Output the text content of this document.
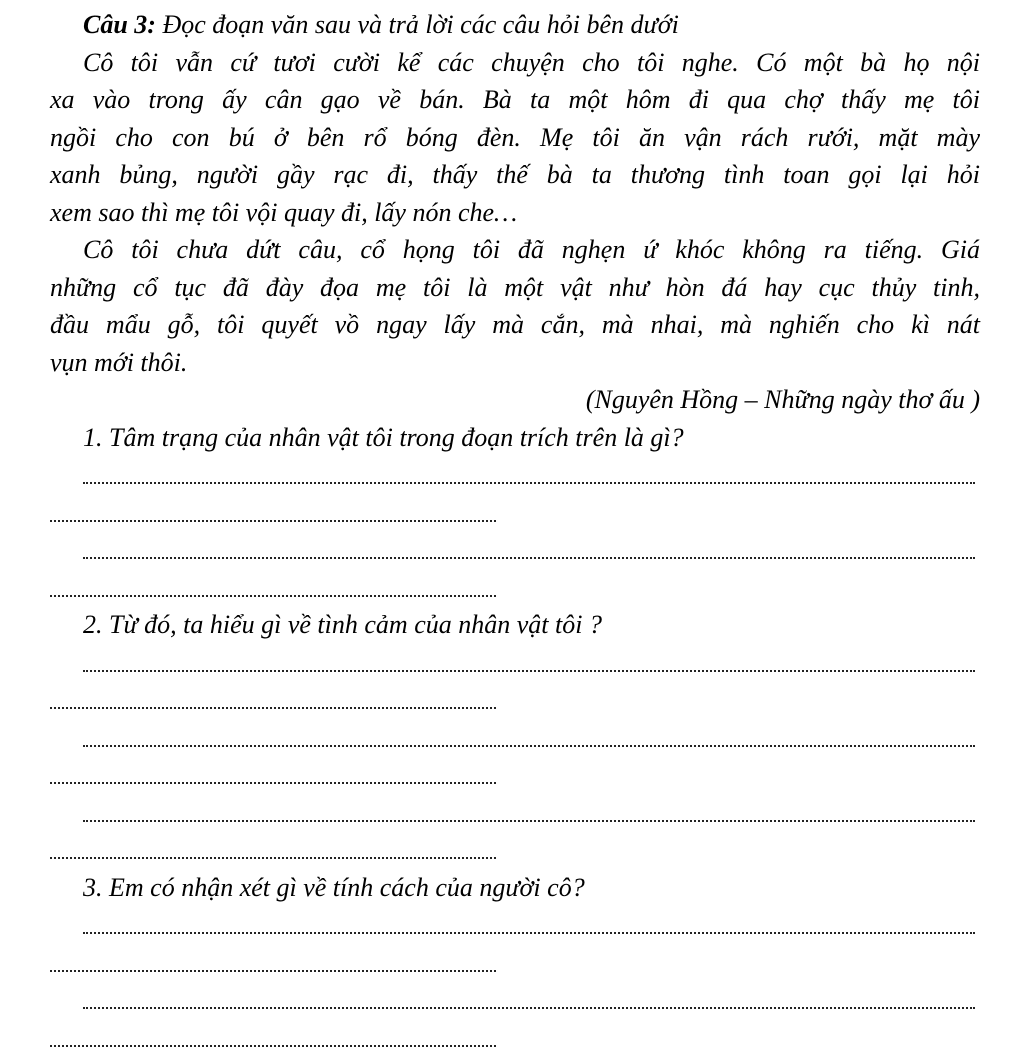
Câu 3: Đọc đoạn văn sau và trả lời các câu hỏi bên dưới
Cô tôi vẫn cứ tươi cười kể các chuyện cho tôi nghe. Có một bà họ nội
xa vào trong ấy cân gạo về bán. Bà ta một hôm đi qua chợ thấy mẹ tôi
ngồi cho con bú ở bên rổ bóng đèn. Mẹ tôi ăn vận rách rưới, mặt mày
xanh bủng, người gầy rạc đi, thấy thế bà ta thương tình toan gọi lại hỏi
xem sao thì mẹ tôi vội quay đi, lấy nón che…
Cô tôi chưa dứt câu, cổ họng tôi đã nghẹn ứ khóc không ra tiếng. Giá
những cổ tục đã đày đọa mẹ tôi là một vật như hòn đá hay cục thủy tinh,
đầu mẩu gỗ, tôi quyết vồ ngay lấy mà cắn, mà nhai, mà nghiến cho kì nát
vụn mới thôi.
(Nguyên Hồng – Những ngày thơ ấu )
1. Tâm trạng của nhân vật tôi trong đoạn trích trên là gì?
2. Từ đó, ta hiểu gì về tình cảm của nhân vật tôi ?
3. Em có nhận xét gì về tính cách của người cô?
